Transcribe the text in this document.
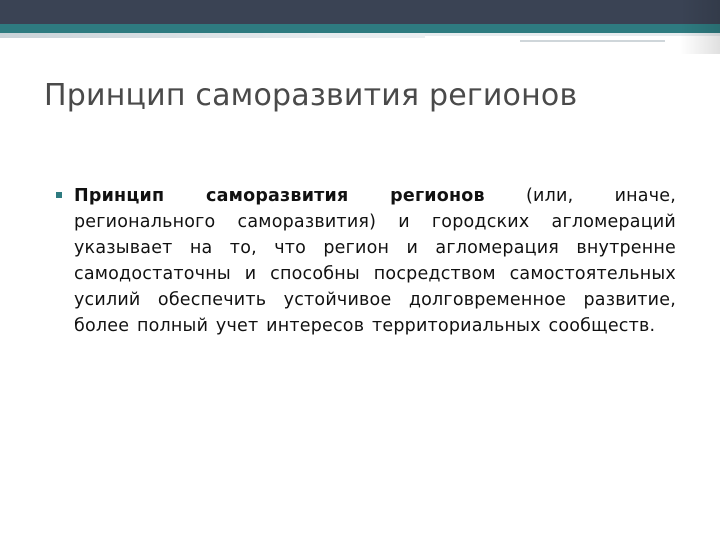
Принцип саморазвития регионов
Принцип саморазвития регионов (или, иначе, регионального саморазвития) и городских агломераций указывает на то, что регион и агломерация внутренне самодостаточны и способны посредством самостоятельных усилий обеспечить устойчивое долговременное развитие, более полный учет интересов территориальных сообществ.
